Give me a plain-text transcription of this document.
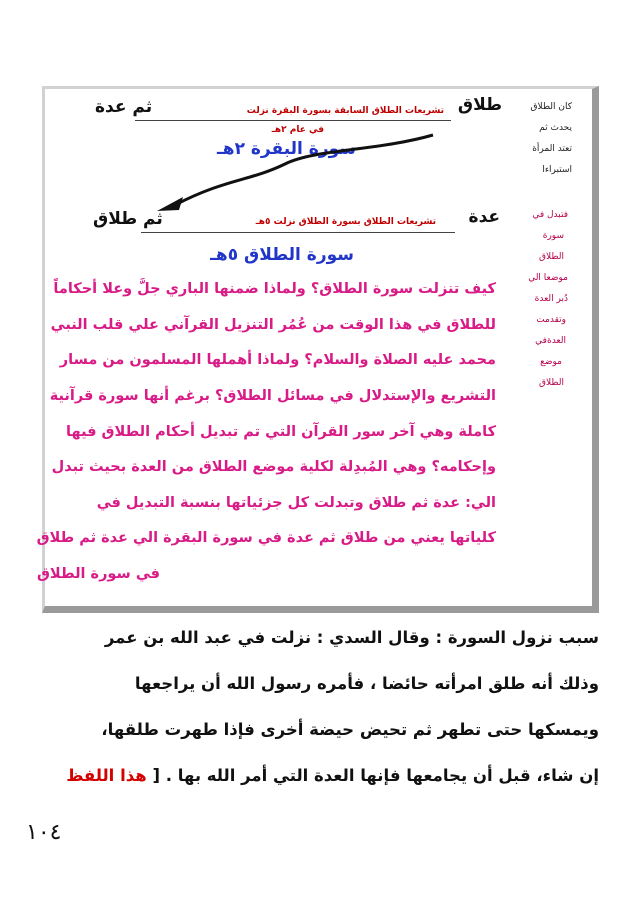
كان الطلاق
يحدث ثم
تعتد المرأة
استبراءا
فتبدل في
سورة
الطلاق
موضعا الي
دُبر العدة
وتقدمت
العدةفي
موضع
الطلاق
طلاق
ثم عدة	تشريعات الطلاق السابقة بسورة البقرة نزلت
في عام ٢هـ
سورة البقرة ٢هـ
عدة
ثم طلاق	تشريعات الطلاق بسورة الطلاق نزلت ٥هـ
سورة الطلاق ٥هـ
كيف تنزلت سورة الطلاق؟ ولماذا ضمنها الباري جلَّ وعلا أحكاماً
للطلاق في هذا الوقت من عُمُر التنزيل القرآني علي قلب النبي
محمد عليه الصلاة والسلام؟ ولماذا أهملها المسلمون من مسار
التشريع والإستدلال في مسائل الطلاق؟ برغم أنها سورة قرآنية
كاملة وهي آخر سور القرآن التي تم تبديل أحكام الطلاق فيها
وإحكامه؟ وهي المُبدِلة لكلية موضع الطلاق من العدة بحيث تبدل
الي: عدة ثم طلاق وتبدلت كل جزئياتها بنسبة التبديل في
كلياتها يعني من طلاق ثم عدة في سورة البقرة الي عدة ثم طلاق
في سورة الطلاق
سبب نزول السورة : وقال السدي : نزلت في عبد الله بن عمر
وذلك أنه طلق امرأته حائضا ، فأمره رسول الله أن يراجعها
ويمسكها حتى تطهر ثم تحيض حيضة أخرى فإذا طهرت طلقها،
إن شاء، قبل أن يجامعها فإنها العدة التي أمر الله بها . [ هذا اللفظ
١٠٤
